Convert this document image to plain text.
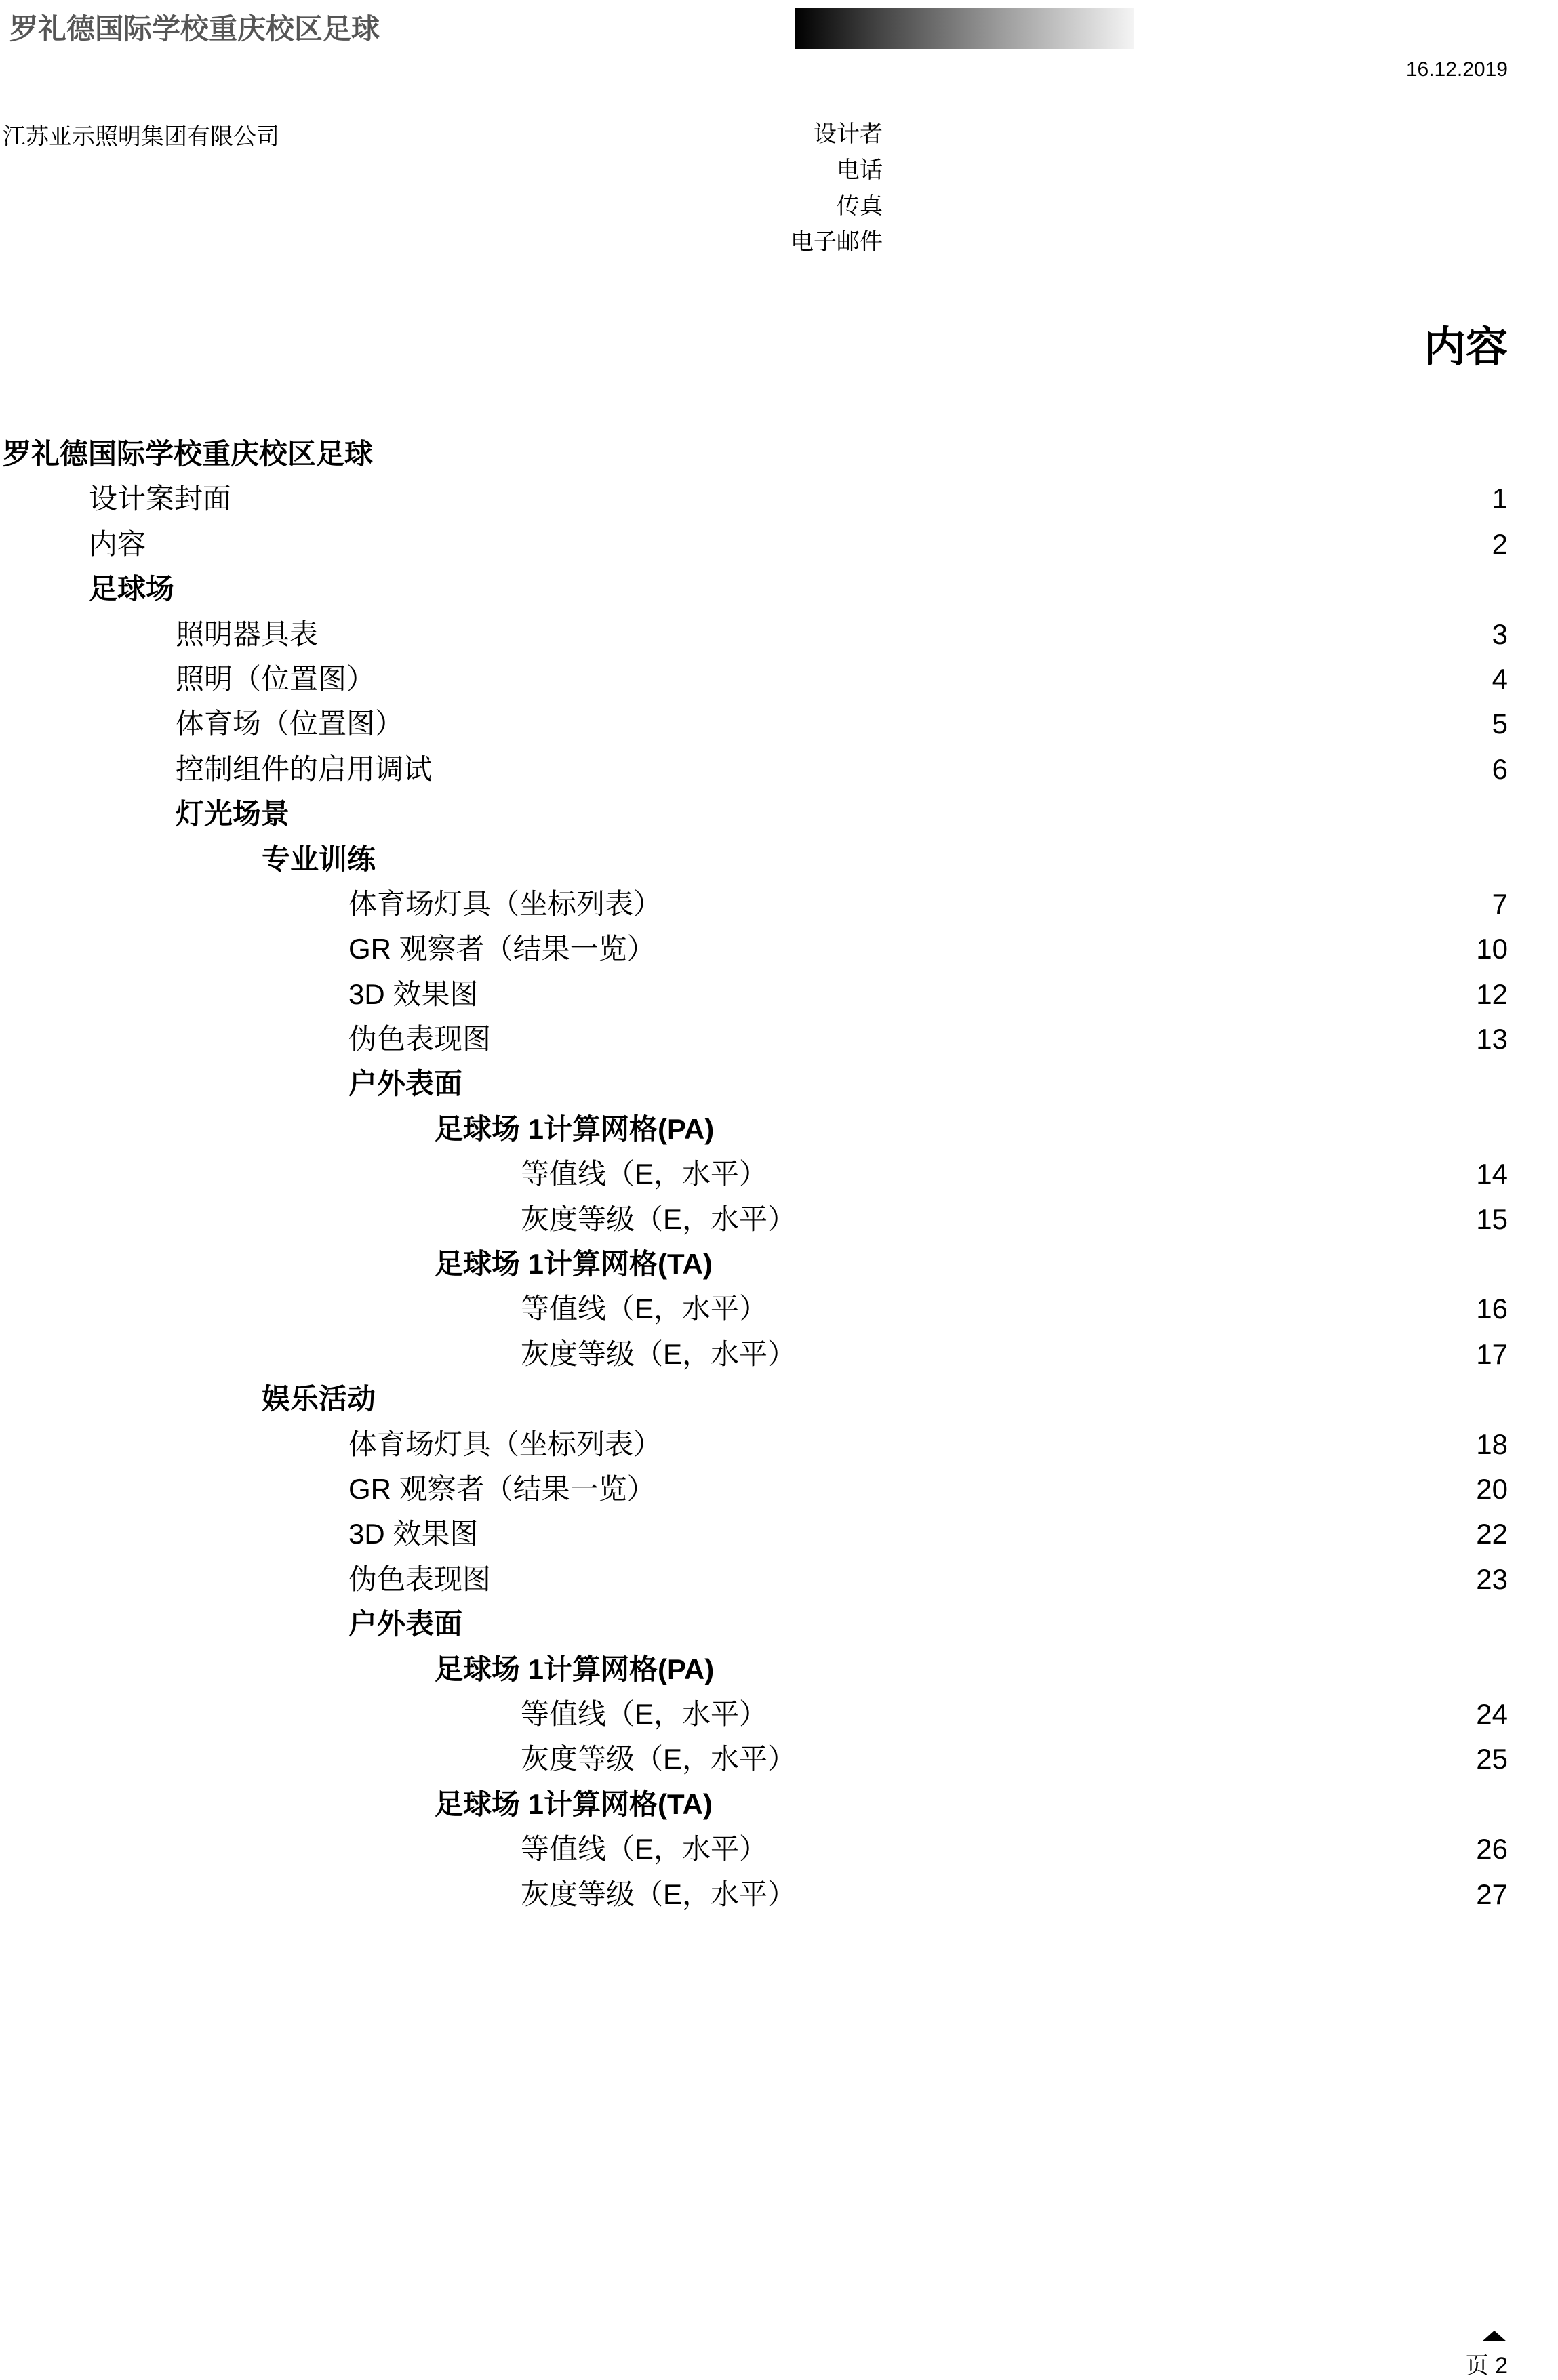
罗礼德国际学校重庆校区足球
16.12.2019
江苏亚示照明集团有限公司	设计者
电话
传真
电子邮件
内容
罗礼德国际学校重庆校区足球
设计案封面	1
内容	2
足球场
照明器具表	3
照明（位置图）	4
体育场（位置图）	5
控制组件的启用调试	6
灯光场景
专业训练
体育场灯具（坐标列表）	7
GR 观察者（结果一览）	10
3D 效果图	12
伪色表现图	13
户外表面
足球场 1计算网格(PA)
等值线（E，水平）	14
灰度等级（E，水平）	15
足球场 1计算网格(TA)
等值线（E，水平）	16
灰度等级（E，水平）	17
娱乐活动
体育场灯具（坐标列表）	18
GR 观察者（结果一览）	20
3D 效果图	22
伪色表现图	23
户外表面
足球场 1计算网格(PA)
等值线（E，水平）	24
灰度等级（E，水平）	25
足球场 1计算网格(TA)
等值线（E，水平）	26
灰度等级（E，水平）	27
页 2
